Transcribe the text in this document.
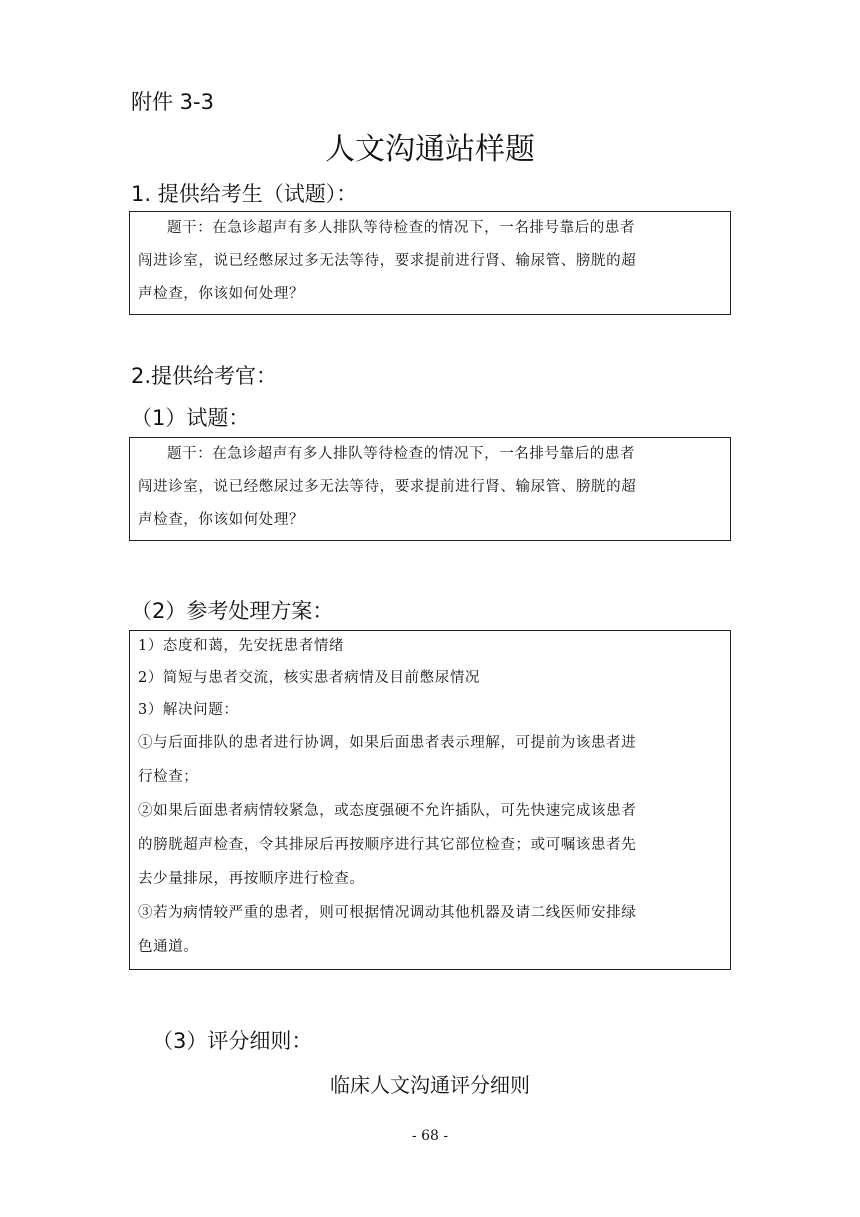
附件 3-3
人文沟通站样题
1. 提供给考生（试题）：

题干：在急诊超声有多人排队等待检查的情况下，一名排号靠后的患者

闯进诊室，说已经憋尿过多无法等待，要求提前进行肾、输尿管、膀胱的超

声检查，你该如何处理？

2.提供给考官：
（1）试题：

题干：在急诊超声有多人排队等待检查的情况下，一名排号靠后的患者

闯进诊室，说已经憋尿过多无法等待，要求提前进行肾、输尿管、膀胱的超

声检查，你该如何处理？

（2）参考处理方案：

1）态度和蔼，先安抚患者情绪

2）简短与患者交流，核实患者病情及目前憋尿情况

3）解决问题：

①与后面排队的患者进行协调，如果后面患者表示理解，可提前为该患者进

行检查；

②如果后面患者病情较紧急，或态度强硬不允许插队，可先快速完成该患者

的膀胱超声检查，令其排尿后再按顺序进行其它部位检查；或可嘱该患者先

去少量排尿，再按顺序进行检查。

③若为病情较严重的患者，则可根据情况调动其他机器及请二线医师安排绿

色通道。

（3）评分细则：
临床人文沟通评分细则
- 68 -
